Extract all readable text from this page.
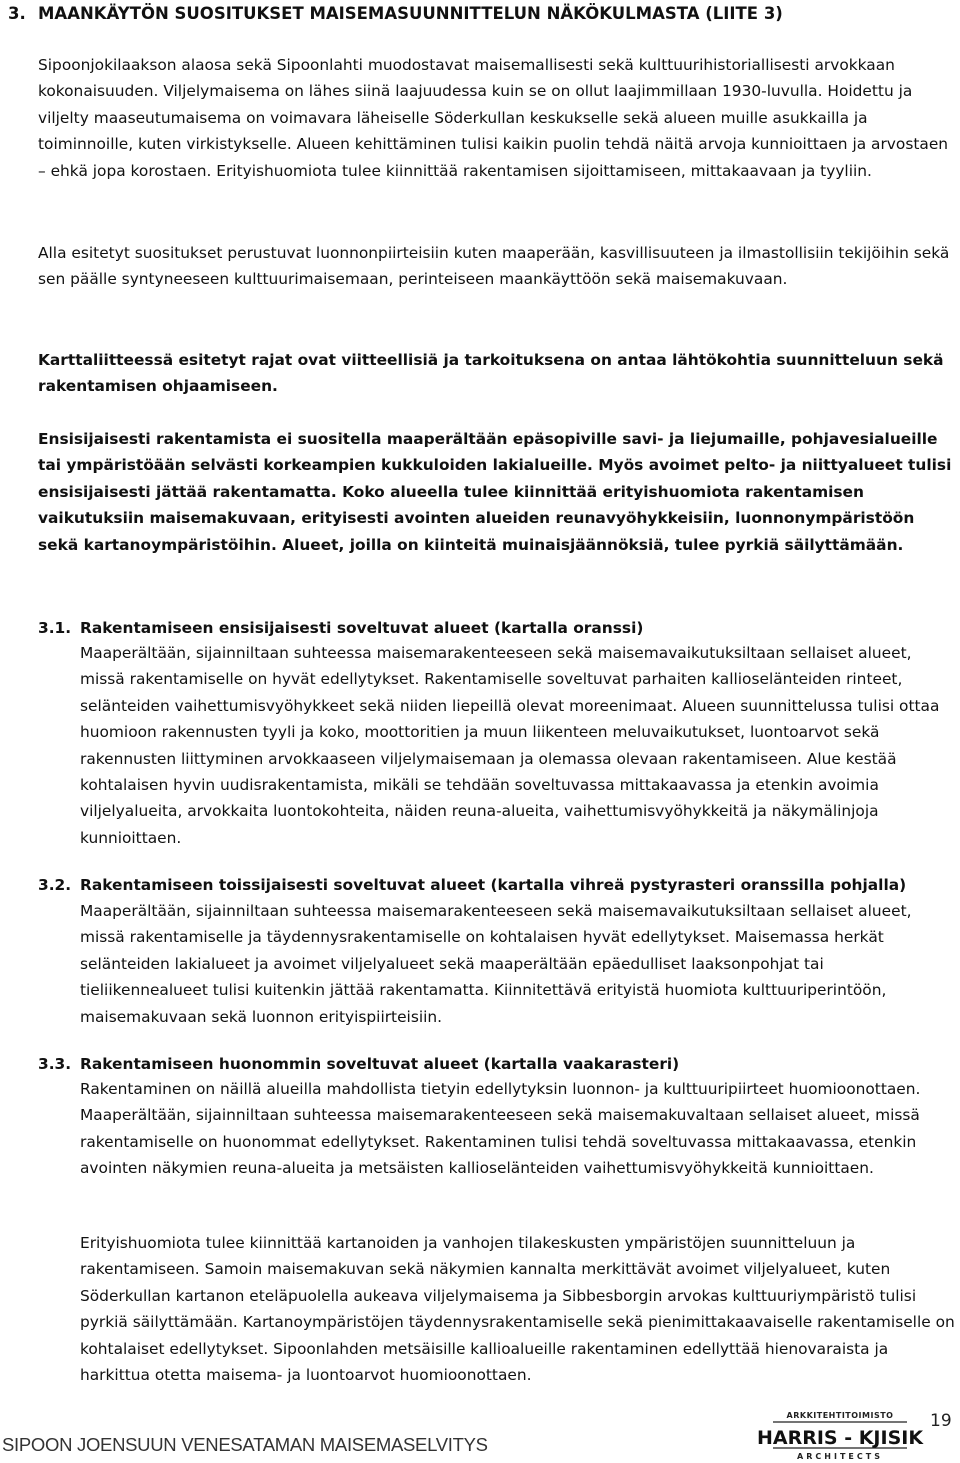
3. MAANKÄYTÖN SUOSITUKSET MAISEMASUUNNITTELUN NÄKÖKULMASTA (LIITE 3)

Sipoonjokilaakson alaosa sekä Sipoonlahti muodostavat maisemallisesti sekä kulttuurihistoriallisesti arvokkaan kokonaisuuden. Viljelymaisema on lähes siinä laajuudessa kuin se on ollut laajimmillaan 1930-luvulla. Hoidettu ja viljelty maaseutumaisema on voimavara läheiselle Söderkullan keskukselle sekä alueen muille asukkailla ja toiminnoille, kuten virkistykselle. Alueen kehittäminen tulisi kaikin puolin tehdä näitä arvoja kunnioittaen ja arvostaen – ehkä jopa korostaen. Erityishuomiota tulee kiinnittää rakentamisen sijoittamiseen, mittakaavaan ja tyyliin.

Alla esitetyt suositukset perustuvat luonnonpiirteisiin kuten maaperään, kasvillisuuteen ja ilmastollisiin tekijöihin sekä sen päälle syntyneeseen kulttuurimaisemaan, perinteiseen maankäyttöön sekä maisemakuvaan.

Karttaliitteessä esitetyt rajat ovat viitteellisiä ja tarkoituksena on antaa lähtökohtia suunnitteluun sekä rakentamisen ohjaamiseen.

Ensisijaisesti rakentamista ei suositella maaperältään epäsopiville savi- ja liejumaille, pohjavesialueille tai ympäristöään selvästi korkeampien kukkuloiden lakialueille. Myös avoimet pelto- ja niittyalueet tulisi ensisijaisesti jättää rakentamatta. Koko alueella tulee kiinnittää erityishuomiota rakentamisen vaikutuksiin maisemakuvaan, erityisesti avointen alueiden reunavyöhykkeisiin, luonnonympäristöön sekä kartanoympäristöihin. Alueet, joilla on kiinteitä muinaisjäännöksiä, tulee pyrkiä säilyttämään.

3.1. Rakentamiseen ensisijaisesti soveltuvat alueet (kartalla oranssi)

Maaperältään, sijainniltaan suhteessa maisemarakenteeseen sekä maisemavaikutuksiltaan sellaiset alueet, missä rakentamiselle on hyvät edellytykset. Rakentamiselle soveltuvat parhaiten kallioselänteiden rinteet, selänteiden vaihettumisvyöhykkeet sekä niiden liepeillä olevat moreenimaat. Alueen suunnittelussa tulisi ottaa huomioon rakennusten tyyli ja koko, moottoritien ja muun liikenteen meluvaikutukset, luontoarvot sekä rakennusten liittyminen arvokkaaseen viljelymaisemaan ja olemassa olevaan rakentamiseen. Alue kestää kohtalaisen hyvin uudisrakentamista, mikäli se tehdään soveltuvassa mittakaavassa ja etenkin avoimia viljelyalueita, arvokkaita luontokohteita, näiden reuna-alueita, vaihettumisvyöhykkeitä ja näkymälinjoja kunnioittaen.

3.2. Rakentamiseen toissijaisesti soveltuvat alueet (kartalla vihreä pystyrasteri oranssilla pohjalla)

Maaperältään, sijainniltaan suhteessa maisemarakenteeseen sekä maisemavaikutuksiltaan sellaiset alueet, missä rakentamiselle ja täydennysrakentamiselle on kohtalaisen hyvät edellytykset. Maisemassa herkät selänteiden lakialueet ja avoimet viljelyalueet sekä maaperältään epäedulliset laaksonpohjat tai tieliikennealueet tulisi kuitenkin jättää rakentamatta. Kiinnitettävä erityistä huomiota kulttuuriperintöön, maisemakuvaan sekä luonnon erityispiirteisiin.

3.3. Rakentamiseen huonommin soveltuvat alueet (kartalla vaakarasteri)

Rakentaminen on näillä alueilla mahdollista tietyin edellytyksin luonnon- ja kulttuuripiirteet huomioonottaen. Maaperältään, sijainniltaan suhteessa maisemarakenteeseen sekä maisemakuvaltaan sellaiset alueet, missä rakentamiselle on huonommat edellytykset. Rakentaminen tulisi tehdä soveltuvassa mittakaavassa, etenkin avointen näkymien reuna-alueita ja metsäisten kallioselänteiden vaihettumisvyöhykkeitä kunnioittaen.

Erityishuomiota tulee kiinnittää kartanoiden ja vanhojen tilakeskusten ympäristöjen suunnitteluun ja rakentamiseen. Samoin maisemakuvan sekä näkymien kannalta merkittävät avoimet viljelyalueet, kuten Söderkullan kartanon eteläpuolella aukeava viljelymaisema ja Sibbesborgin arvokas kulttuuriympäristö tulisi pyrkiä säilyttämään. Kartanoympäristöjen täydennysrakentamiselle sekä pienimittakaavaiselle rakentamiselle on kohtalaiset edellytykset. Sipoonlahden metsäisille kallioalueille rakentaminen edellyttää hienovaraista ja harkittua otetta maisema- ja luontoarvot huomioonottaen.

SIPOON JOENSUUN VENESATAMAN MAISEMASELVITYS
19
ARKKITEHTITOIMISTO
HARRIS - KJISIK
ARCHITECTS
